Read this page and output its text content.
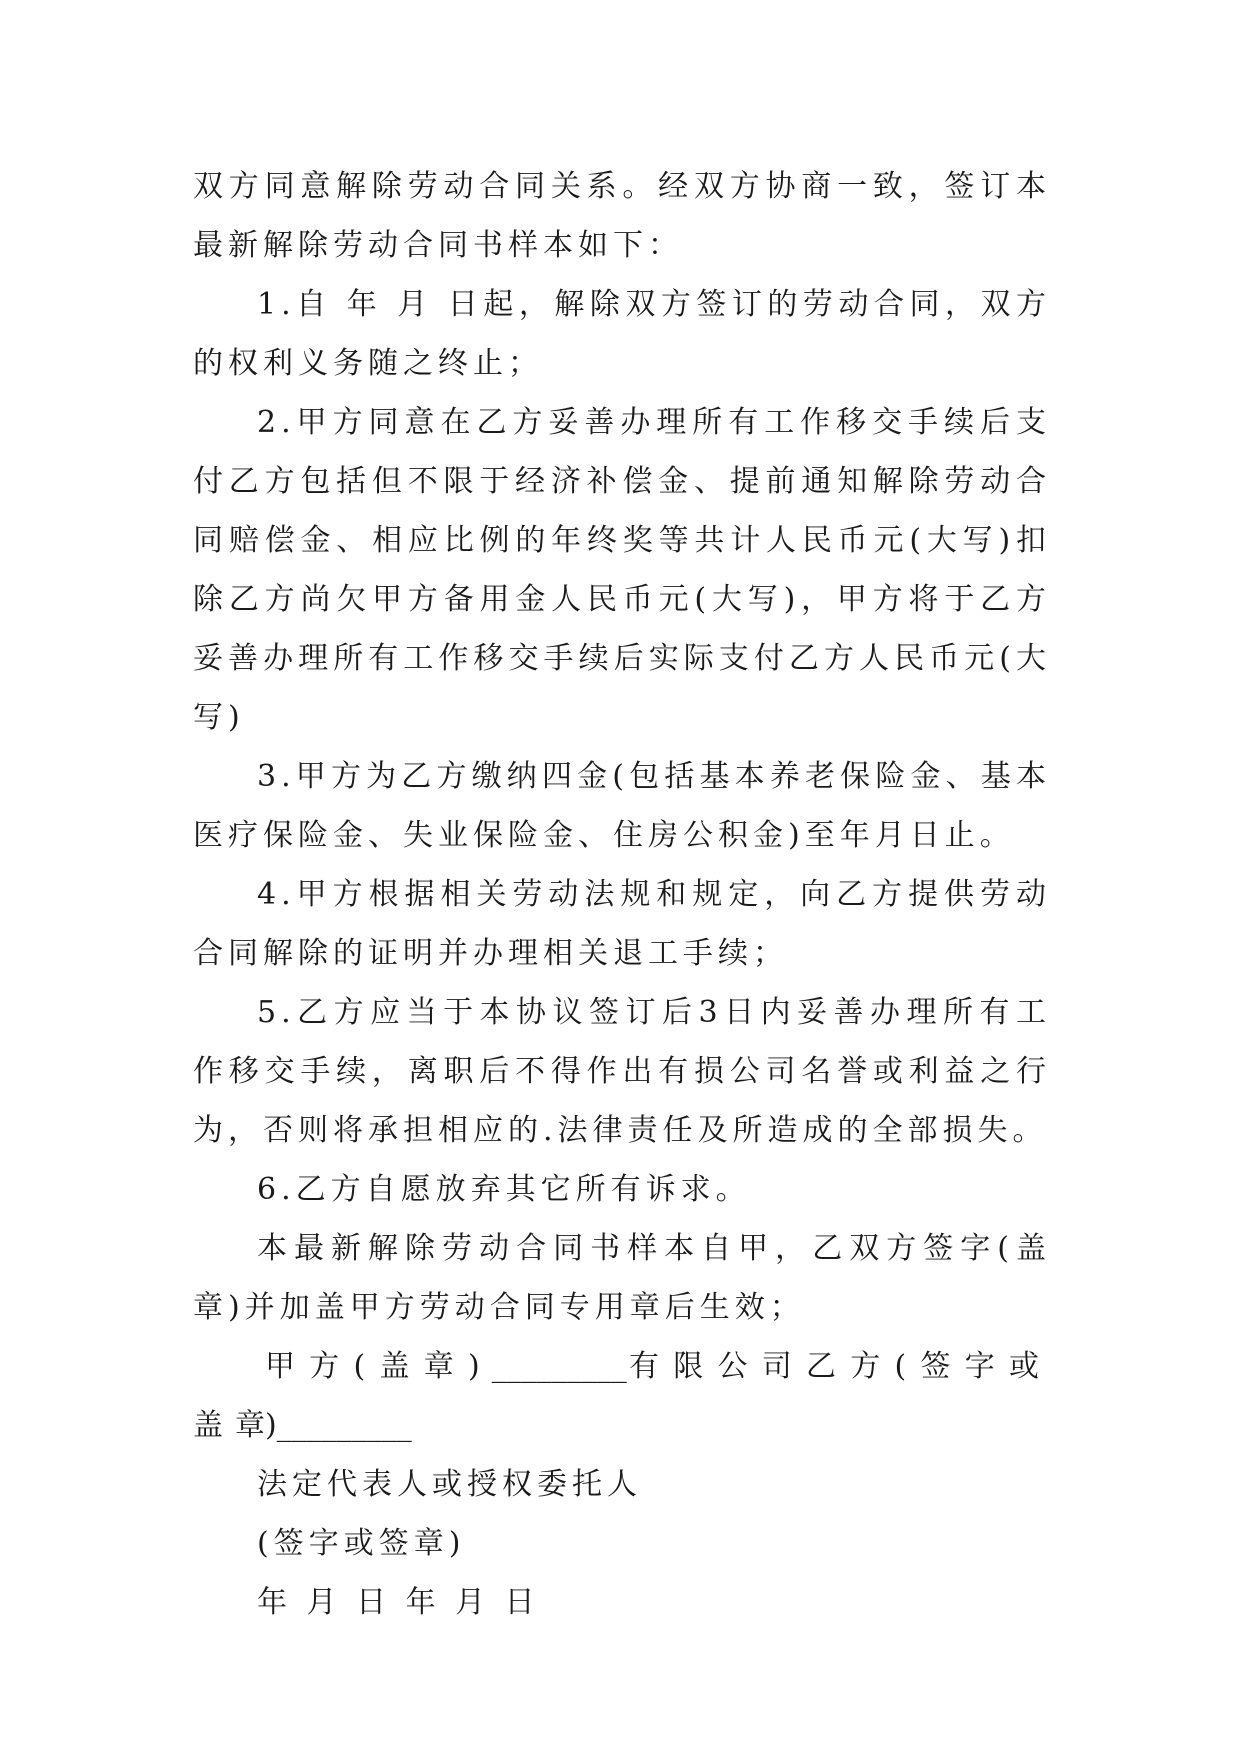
双方同意解除劳动合同关系。经双方协商一致，签订本最新解除劳动合同书样本如下：

1.自 年 月 日起，解除双方签订的劳动合同，双方的权利义务随之终止；

2.甲方同意在乙方妥善办理所有工作移交手续后支付乙方包括但不限于经济补偿金、提前通知解除劳动合同赔偿金、相应比例的年终奖等共计人民币元(大写)扣除乙方尚欠甲方备用金人民币元(大写)，甲方将于乙方妥善办理所有工作移交手续后实际支付乙方人民币元(大写)

3.甲方为乙方缴纳四金(包括基本养老保险金、基本医疗保险金、失业保险金、住房公积金)至年月日止。

4.甲方根据相关劳动法规和规定，向乙方提供劳动合同解除的证明并办理相关退工手续；

5.乙方应当于本协议签订后3日内妥善办理所有工作移交手续，离职后不得作出有损公司名誉或利益之行为，否则将承担相应的.法律责任及所造成的全部损失。

6.乙方自愿放弃其它所有诉求。

本最新解除劳动合同书样本自甲，乙双方签字(盖章)并加盖甲方劳动合同专用章后生效；

甲方(盖章)_________有限公司乙方(签字或盖章)_________

法定代表人或授权委托人

(签字或签章)

年 月 日 年 月 日
